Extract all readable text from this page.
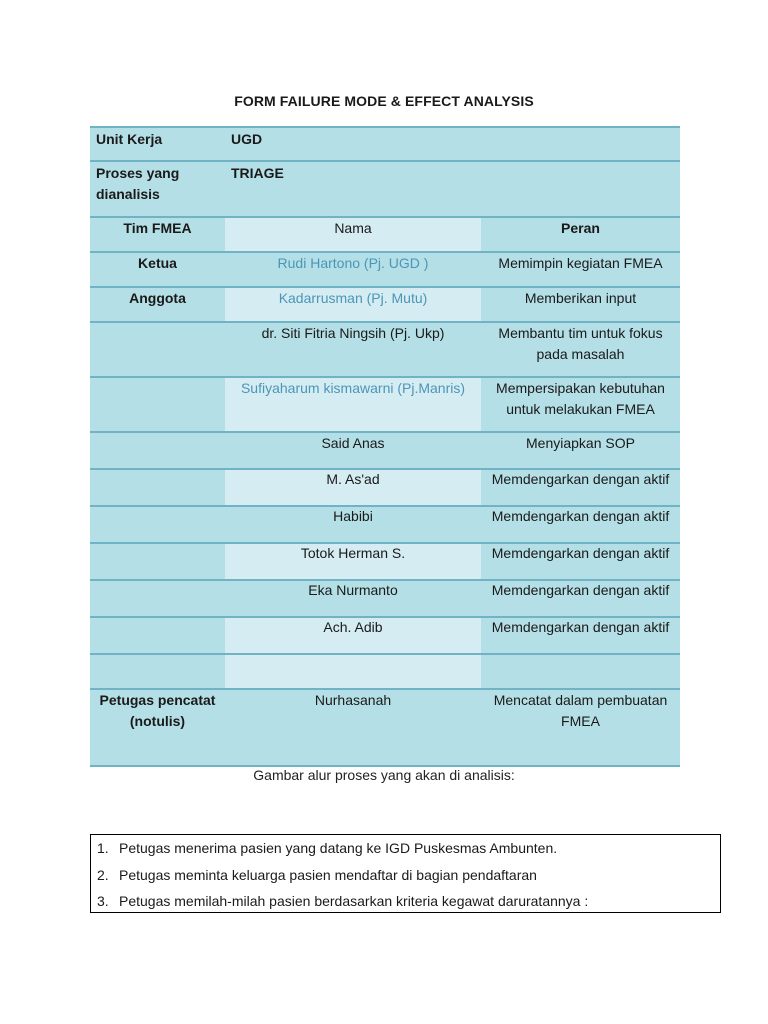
FORM FAILURE MODE & EFFECT ANALYSIS
Unit Kerja	UGD	
Proses yang dianalisis	TRIAGE	
Tim FMEA	Nama	Peran
Ketua	Rudi Hartono (Pj. UGD )	Memimpin kegiatan FMEA
Anggota	Kadarrusman (Pj. Mutu)	Memberikan input
	dr. Siti Fitria Ningsih (Pj. Ukp)	Membantu tim untuk fokus pada masalah
	Sufiyaharum kismawarni (Pj.Manris)	Mempersipakan kebutuhan untuk melakukan FMEA
	Said Anas	Menyiapkan SOP
	M. As'ad	Memdengarkan dengan aktif
	Habibi	Memdengarkan dengan aktif
	Totok Herman S.	Memdengarkan dengan aktif
	Eka Nurmanto	Memdengarkan dengan aktif
	Ach. Adib	Memdengarkan dengan aktif

Petugas pencatat (notulis)	Nurhasanah	Mencatat dalam pembuatan FMEA
Gambar alur proses yang akan di analisis:
1. Petugas menerima pasien yang datang ke IGD Puskesmas Ambunten.
2. Petugas meminta keluarga pasien mendaftar di bagian pendaftaran
3. Petugas memilah-milah pasien berdasarkan kriteria kegawat daruratannya :
